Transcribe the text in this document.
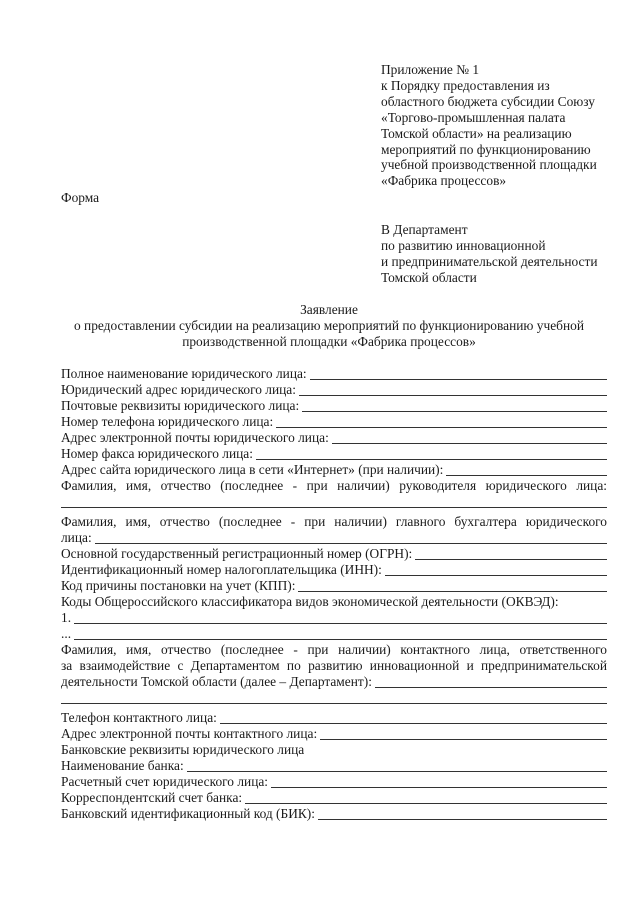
Приложение № 1
к Порядку предоставления из
областного бюджета субсидии Союзу
«Торгово-промышленная палата
Томской области» на реализацию
мероприятий по функционированию
учебной производственной площадки
«Фабрика процессов»
Форма
В Департамент
по развитию инновационной
и предпринимательской деятельности
Томской области
Заявление
о предоставлении субсидии на реализацию мероприятий по функционированию учебной
производственной площадки «Фабрика процессов»
Полное наименование юридического лица:
Юридический адрес юридического лица:
Почтовые реквизиты юридического лица:
Номер телефона юридического лица:
Адрес электронной почты юридического лица:
Номер факса юридического лица:
Адрес сайта юридического лица в сети «Интернет» (при наличии):
Фамилия, имя, отчество (последнее - при наличии) руководителя юридического лица:
Фамилия, имя, отчество (последнее - при наличии) главного бухгалтера юридического
лица:
Основной государственный регистрационный номер (ОГРН):
Идентификационный номер налогоплательщика (ИНН):
Код причины постановки на учет (КПП):
Коды Общероссийского классификатора видов экономической деятельности (ОКВЭД):
1.
...
Фамилия, имя, отчество (последнее - при наличии) контактного лица, ответственного
за взаимодействие с Департаментом по развитию инновационной и предпринимательской
деятельности Томской области (далее – Департамент):
Телефон контактного лица:
Адрес электронной почты контактного лица:
Банковские реквизиты юридического лица
Наименование банка:
Расчетный счет юридического лица:
Корреспондентский счет банка:
Банковский идентификационный код (БИК):
